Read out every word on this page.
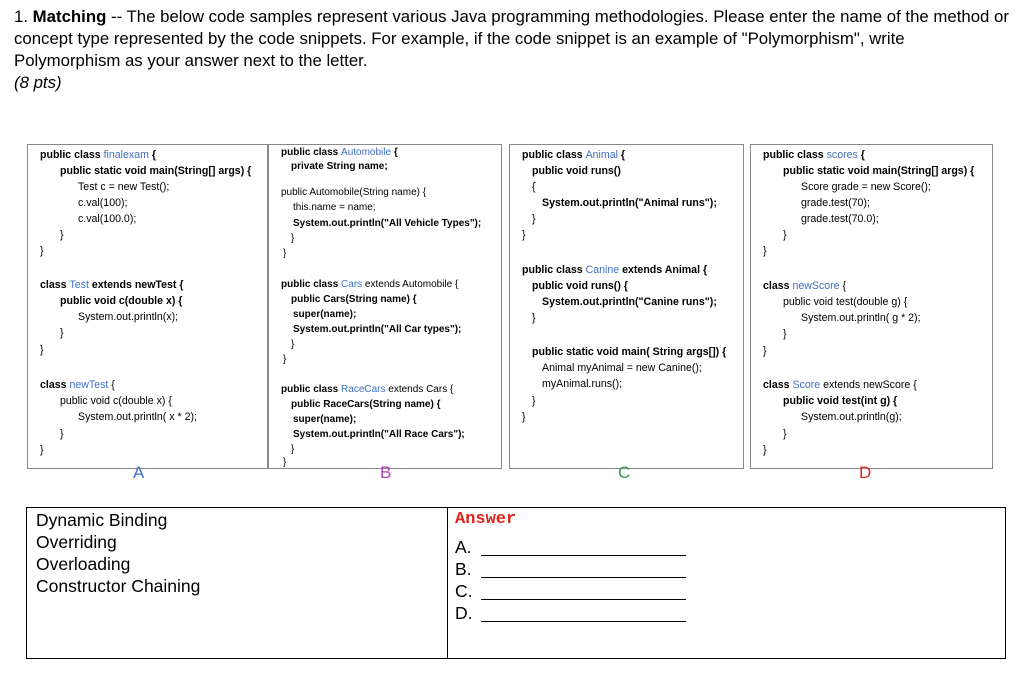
1. Matching -- The below code samples represent various Java programming methodologies. Please enter the name of the method or concept type represented by the code snippets. For example, if the code snippet is an example of "Polymorphism", write Polymorphism as your answer next to the letter.
(8 pts)
public class finalexam {
public static void main(String[] args) {
Test c = new Test();
c.val(100);
c.val(100.0);
}
}
class Test extends newTest {
public void c(double x) {
System.out.println(x);
}
}
class newTest {
public void c(double x) {
System.out.println( x * 2);
}
}
public class Automobile {
private String name;
public Automobile(String name) {
this.name = name;
System.out.println("All Vehicle Types");
}
}
public class Cars extends Automobile {
public Cars(String name) {
super(name);
System.out.println("All Car types");
}
}
public class RaceCars extends Cars {
public RaceCars(String name) {
super(name);
System.out.println("All Race Cars");
}
}
public class Animal {
public void runs()
{
System.out.println("Animal runs");
}
}
public class Canine extends Animal {
public void runs() {
System.out.println("Canine runs");
}
public static void main( String args[]) {
Animal myAnimal = new Canine();
myAnimal.runs();
}
}
public class scores {
public static void main(String[] args) {
Score grade = new Score();
grade.test(70);
grade.test(70.0);
}
}
class newScore {
public void test(double g) {
System.out.println( g * 2);
}
}
class Score extends newScore {
public void test(int g) {
System.out.println(g);
}
}
A	B	C	D
Dynamic Binding
Overriding
Overloading
Constructor Chaining
Answer
A.
B.
C.
D.
